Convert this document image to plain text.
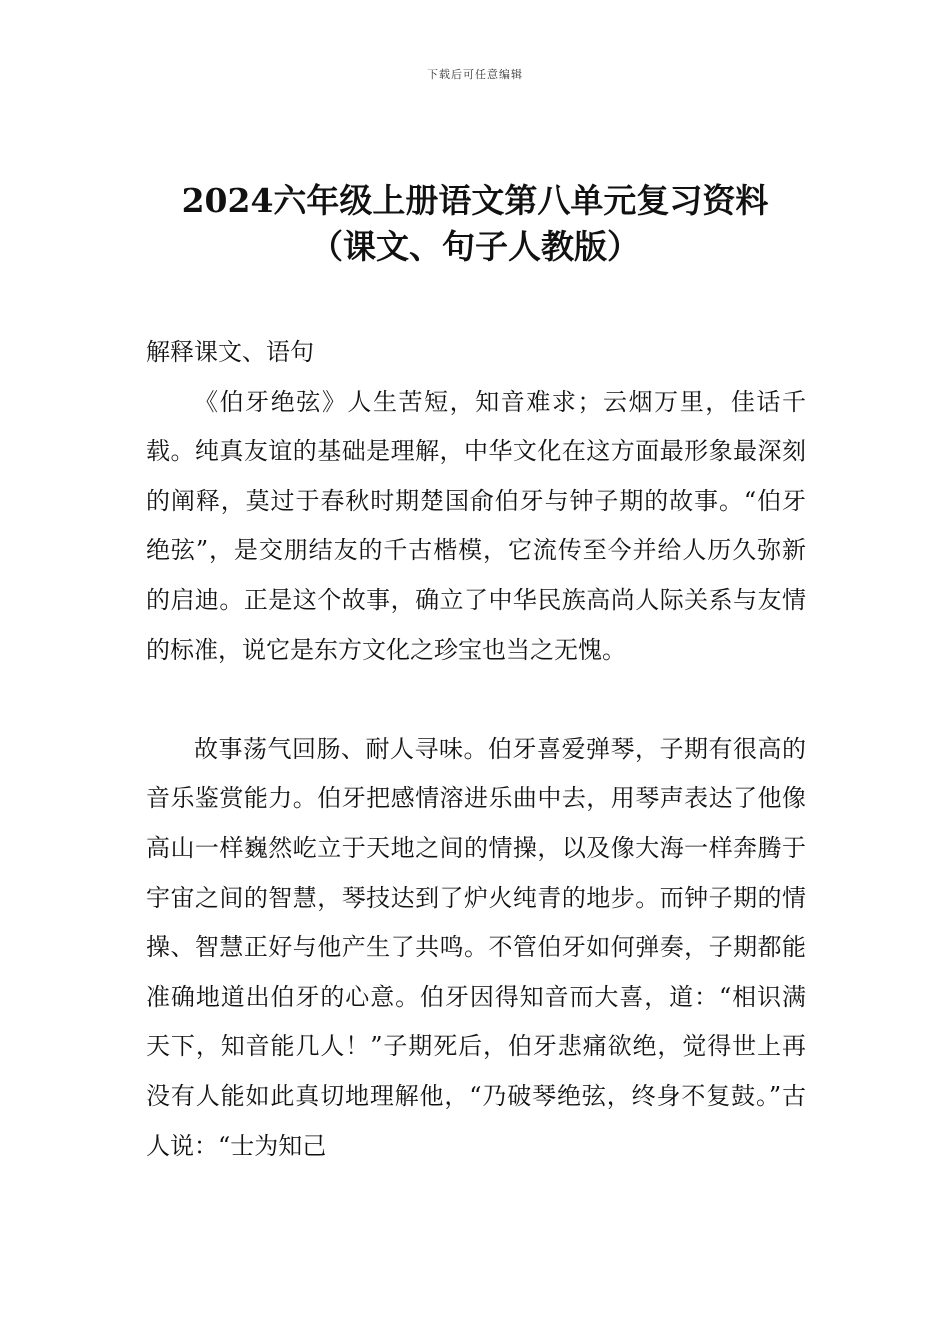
下载后可任意编辑
2024六年级上册语文第八单元复习资料
（课文、句子人教版）
解释课文、语句

《伯牙绝弦》人生苦短，知音难求；云烟万里，佳话千载。纯真友谊的基础是理解，中华文化在这方面最形象最深刻的阐释，莫过于春秋时期楚国俞伯牙与钟子期的故事。“伯牙绝弦”，是交朋结友的千古楷模，它流传至今并给人历久弥新的启迪。正是这个故事，确立了中华民族高尚人际关系与友情的标准，说它是东方文化之珍宝也当之无愧。

故事荡气回肠、耐人寻味。伯牙喜爱弹琴，子期有很高的音乐鉴赏能力。伯牙把感情溶进乐曲中去，用琴声表达了他像高山一样巍然屹立于天地之间的情操，以及像大海一样奔腾于宇宙之间的智慧，琴技达到了炉火纯青的地步。而钟子期的情操、智慧正好与他产生了共鸣。不管伯牙如何弹奏，子期都能准确地道出伯牙的心意。伯牙因得知音而大喜，道：“相识满天下，知音能几人！”子期死后，伯牙悲痛欲绝，觉得世上再没有人能如此真切地理解他，“乃破琴绝弦，终身不复鼓。”古人说：“士为知己
